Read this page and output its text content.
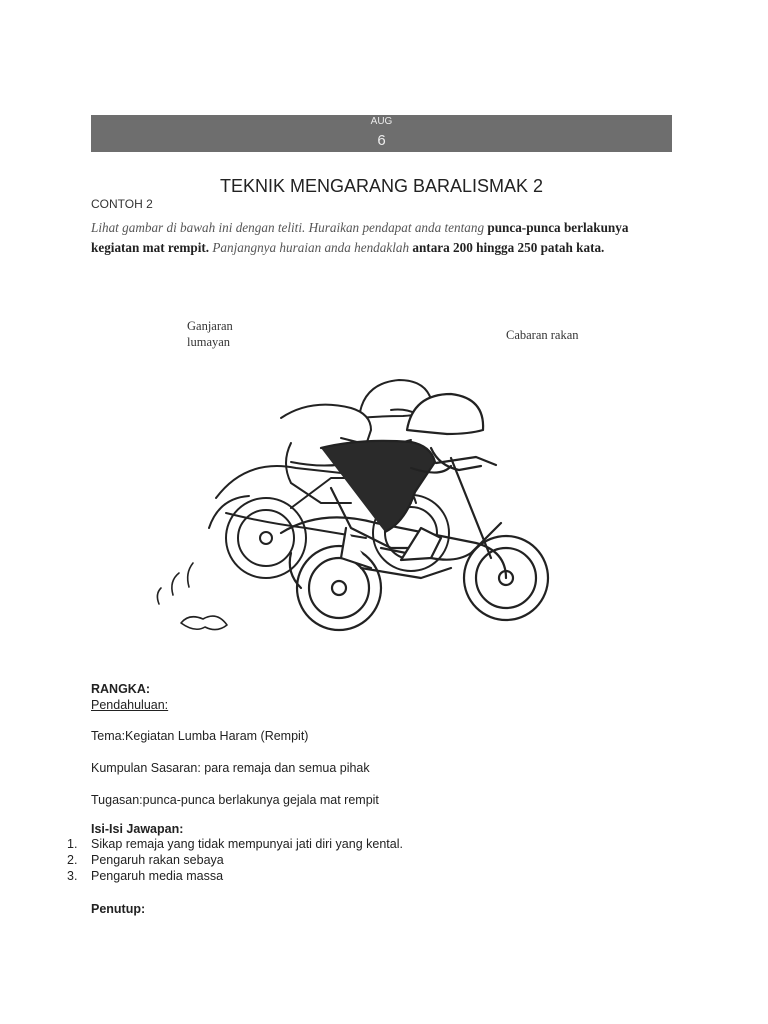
AUG
6
TEKNIK MENGARANG BARALISMAK 2
CONTOH 2
Lihat gambar di bawah ini dengan teliti. Huraikan pendapat anda tentang punca-punca berlakunya kegiatan mat rempit. Panjangnya huraian anda hendaklah antara 200 hingga 250 patah kata.
Ganjaran
lumayan	Cabaran rakan
RANGKA:
Pendahuluan:
Tema:Kegiatan Lumba Haram (Rempit)
Kumpulan Sasaran: para remaja dan semua pihak
Tugasan:punca-punca berlakunya gejala mat rempit
Isi-Isi Jawapan:
1. Sikap remaja yang tidak mempunyai jati diri yang kental.
2. Pengaruh rakan sebaya
3. Pengaruh media massa
Penutup:
